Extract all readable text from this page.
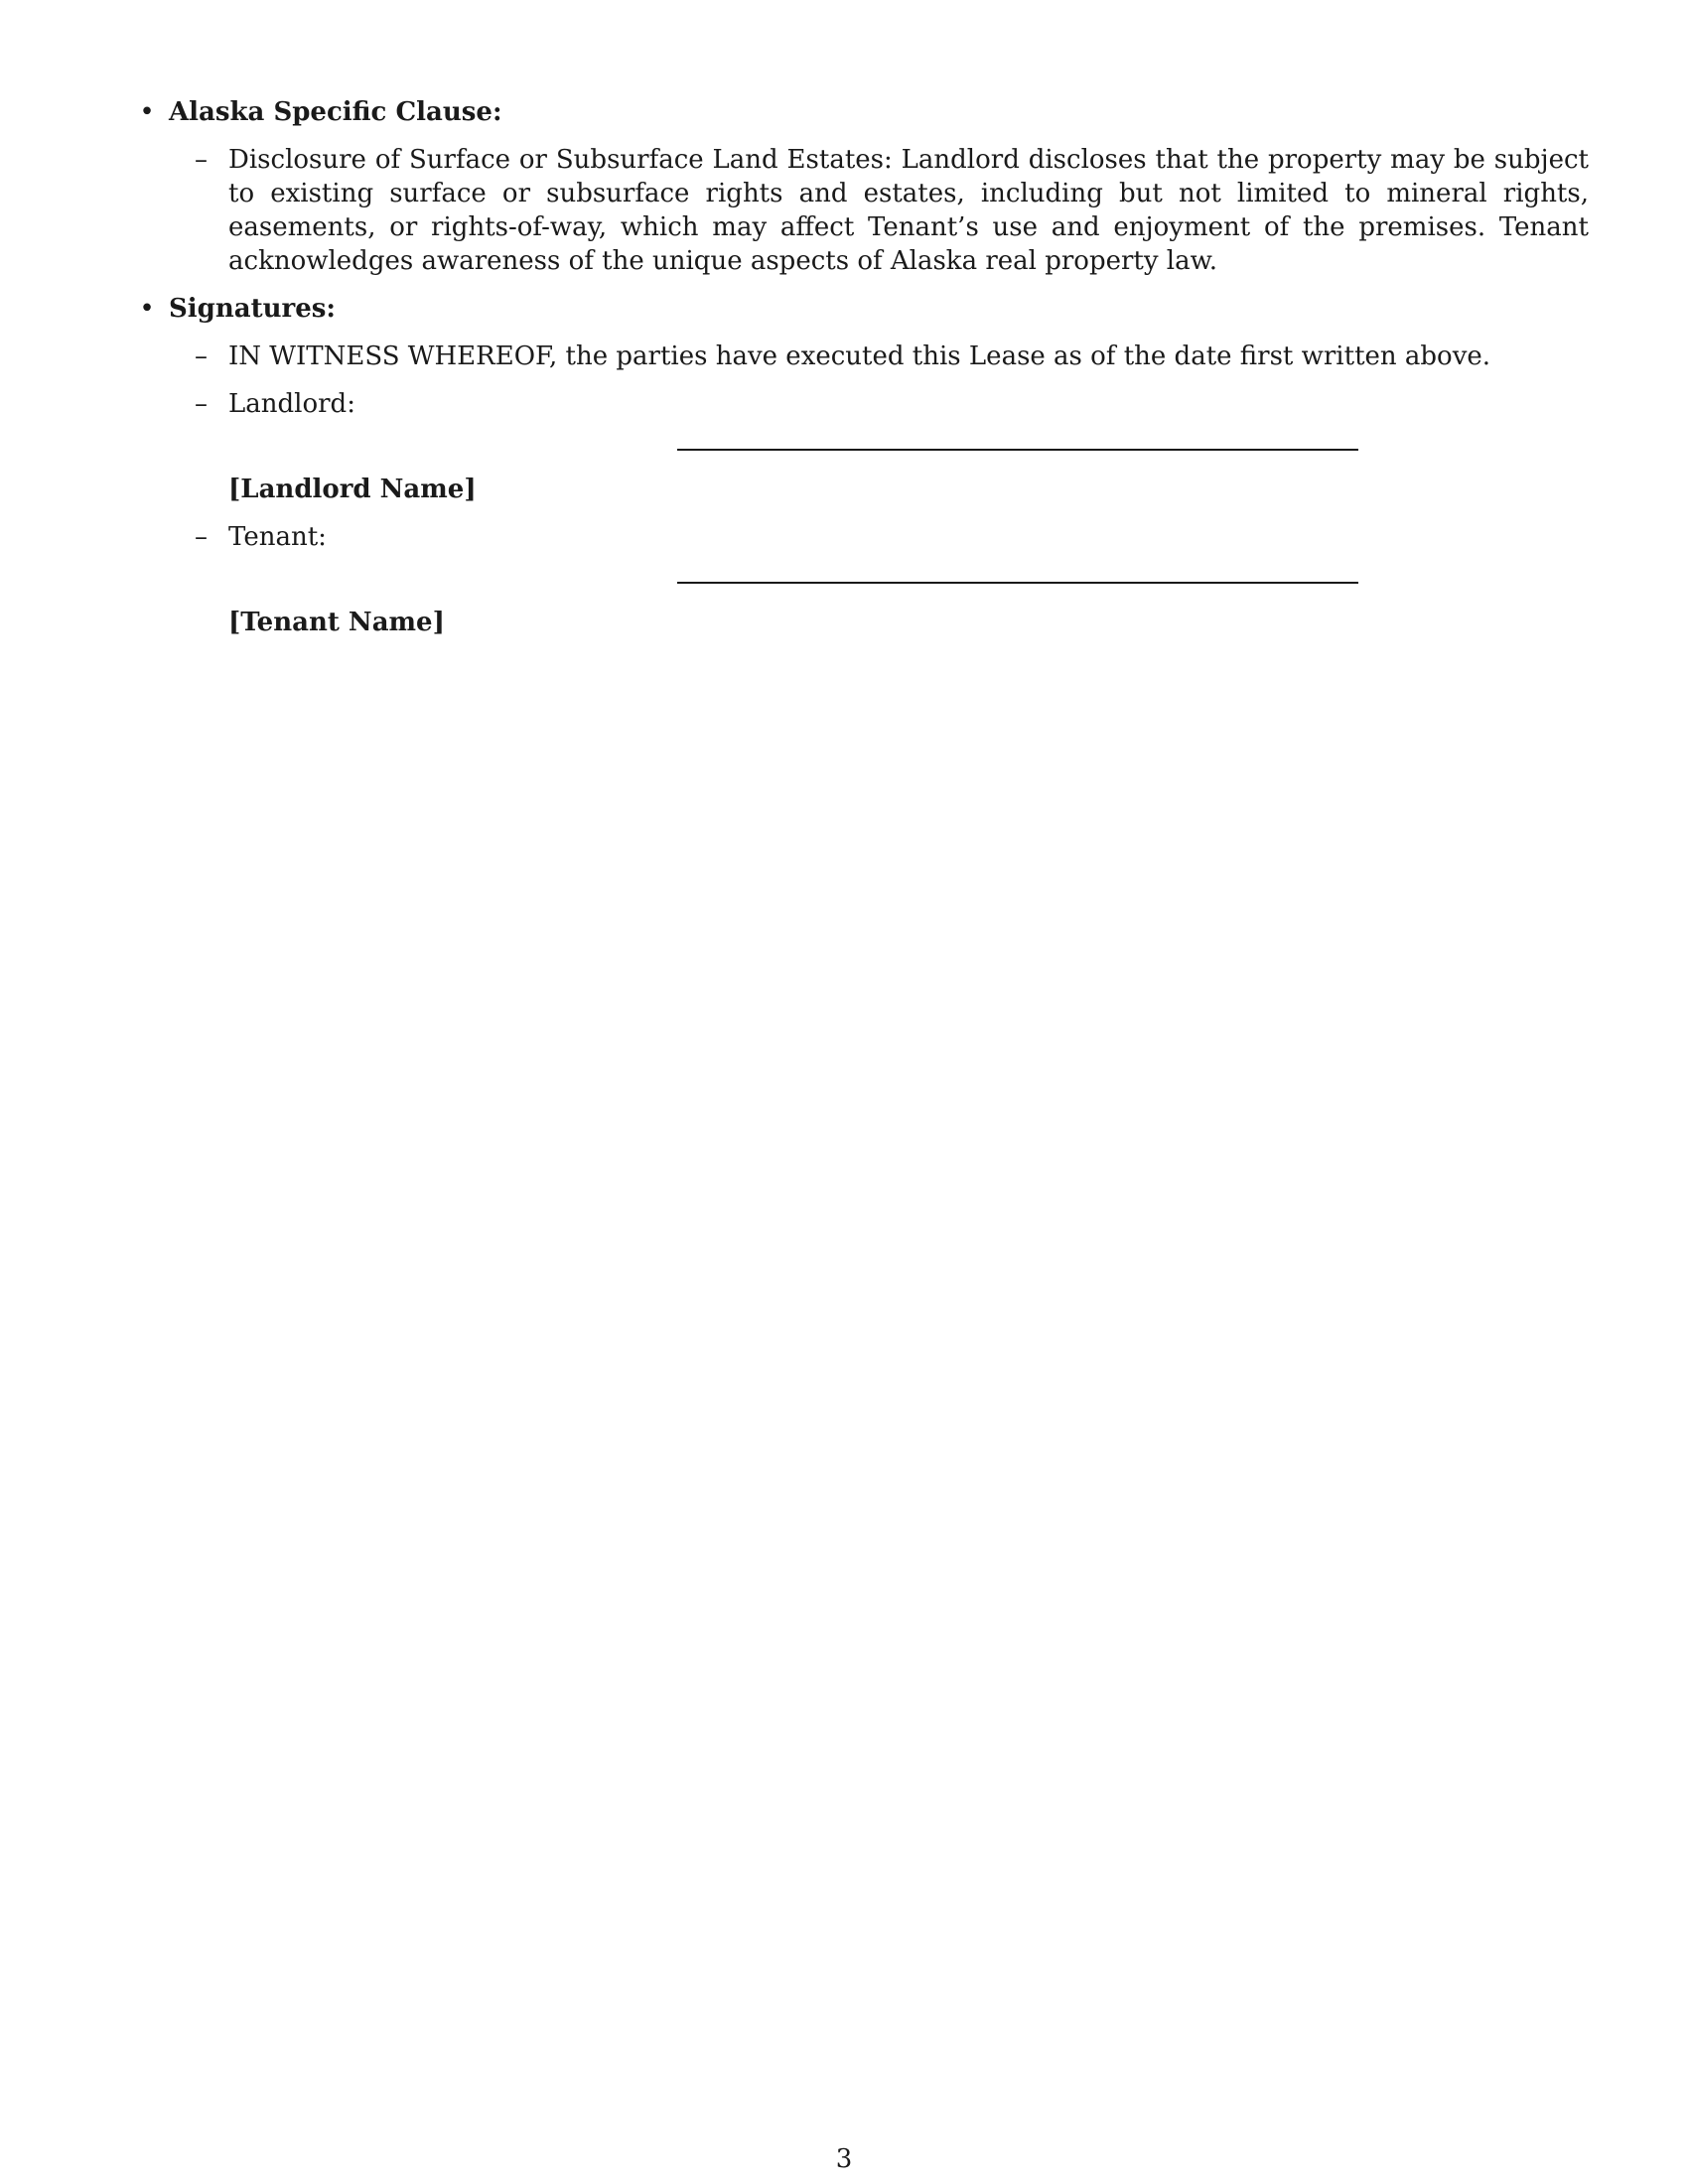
• Alaska Specific Clause:
– Disclosure of Surface or Subsurface Land Estates: Landlord discloses that the property may be subject to existing surface or subsurface rights and estates, including but not limited to mineral rights, easements, or rights-of-way, which may affect Tenant’s use and enjoyment of the premises. Tenant acknowledges awareness of the unique aspects of Alaska real property law.
• Signatures:
– IN WITNESS WHEREOF, the parties have executed this Lease as of the date first written above.
– Landlord:
[Landlord Name]
– Tenant:
[Tenant Name]
3
